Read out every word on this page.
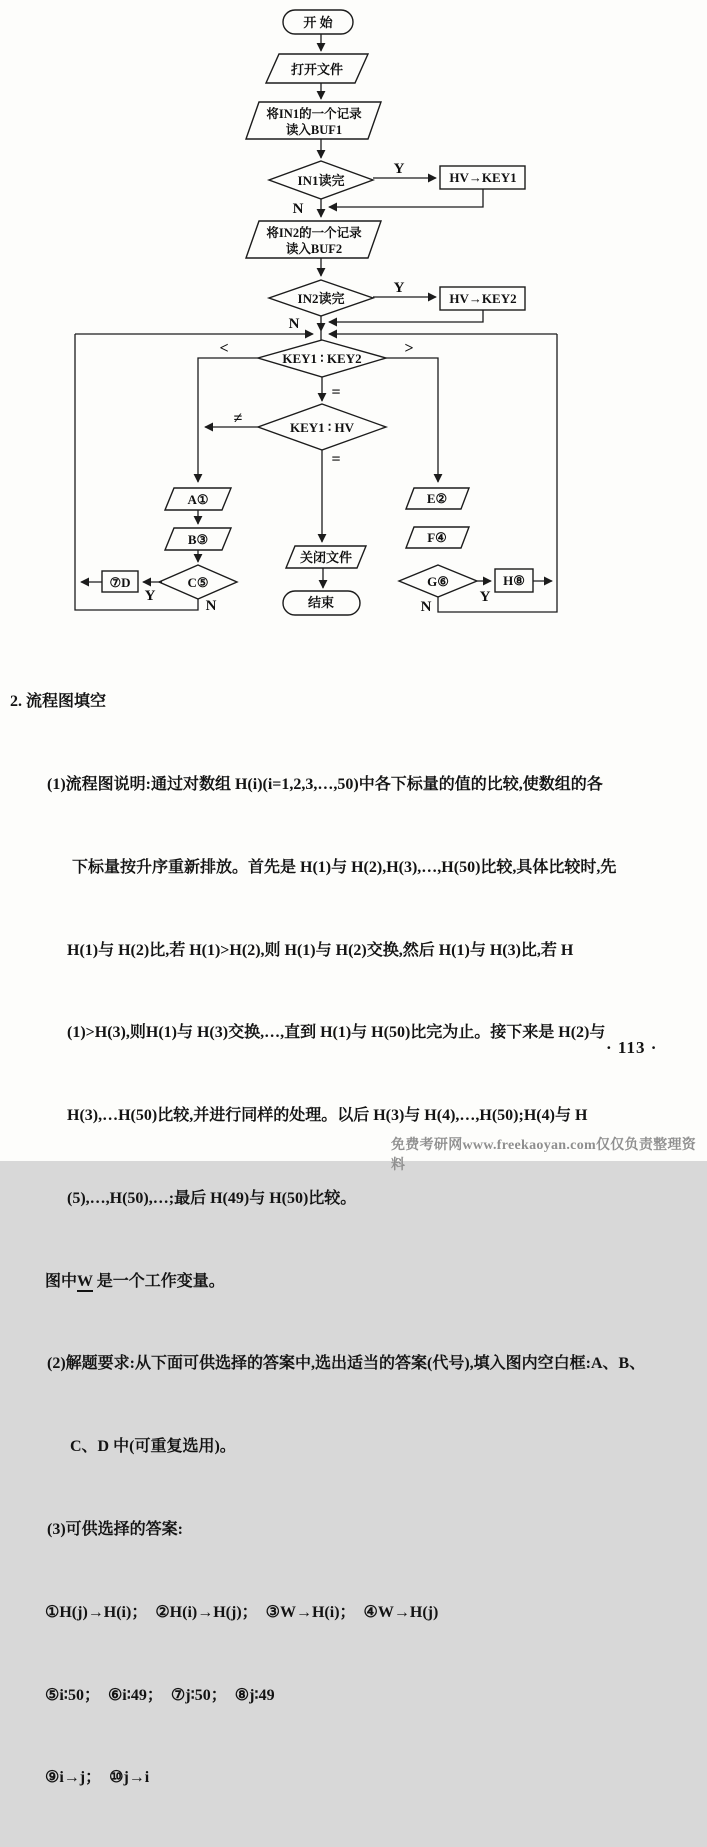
Y
N
Y
N
<	>
=
≠
=
Y
N
Y
N
开 始
打开文件
将IN1的一个记录
读入BUF1
IN1读完	HV→KEY1
将IN2的一个记录
读入BUF2
IN2读完	HV→KEY2
KEY1 ∶ KEY2
KEY1 ∶ HV
A①
B③
C⑤
⑦D
关闭文件
结束
E②
F④
G⑥	H⑧

2. 流程图填空

(1)流程图说明:通过对数组 H(i)(i=1,2,3,…,50)中各下标量的值的比较,使数组的各

下标量按升序重新排放。首先是 H(1)与 H(2),H(3),…,H(50)比较,具体比较时,先

H(1)与 H(2)比,若 H(1)>H(2),则 H(1)与 H(2)交换,然后 H(1)与 H(3)比,若 H

(1)>H(3),则H(1)与 H(3)交换,…,直到 H(1)与 H(50)比完为止。接下来是 H(2)与

H(3),…H(50)比较,并进行同样的处理。以后 H(3)与 H(4),…,H(50);H(4)与 H

(5),…,H(50),…;最后 H(49)与 H(50)比较。

图中W 是一个工作变量。

(2)解题要求:从下面可供选择的答案中,选出适当的答案(代号),填入图内空白框:A、B、

C、D 中(可重复选用)。

(3)可供选择的答案:

①H(j)→H(i)；　②H(i)→H(j)；　③W→H(i)；　④W→H(j)

⑤i∶50；　⑥i∶49；　⑦j∶50；　⑧j∶49

⑨i→j；　⑩j→i

· 113 ·
免费考研网www.freekaoyan.com仅仅负责整理资料
